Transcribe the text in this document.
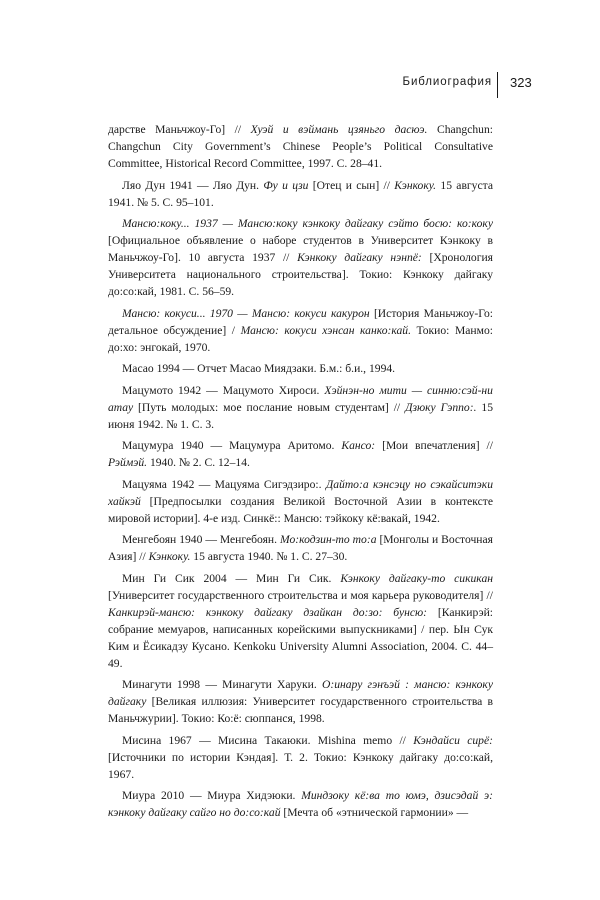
Библиография 323

дарстве Маньчжоу-Го] // Хуэй и вэймань цзяньго дасюэ. Changchun: Changchun City Government’s Chinese People’s Political Consultative Committee, Historical Record Committee, 1997. С. 28–41.

Ляо Дун 1941 — Ляо Дун. Фу и цзи [Отец и сын] // Кэнкоку. 15 августа 1941. № 5. С. 95–101.

Мансю:коку... 1937 — Мансю:коку кэнкоку дайгаку сэйто босю: ко:коку [Официальное объявление о наборе студентов в Университет Кэнкоку в Маньчжоу-Го]. 10 августа 1937 // Кэнкоку дайгаку нэнпё: [Хронология Университета национального строительства]. Токио: Кэнкоку дайгаку до:со:кай, 1981. С. 56–59.

Мансю: кокуси... 1970 — Мансю: кокуси какурон [История Маньчжоу-Го: детальное обсуждение] / Мансю: кокуси хэнсан канко:кай. Токио: Манмо: до:хо: энгокай, 1970.

Масао 1994 — Отчет Масао Миядзаки. Б.м.: б.и., 1994.

Мацумото 1942 — Мацумото Хироси. Хэйнэн-но мити — синню:сэй-ни атау [Путь молодых: мое послание новым студентам] // Дзюку Гэппо:. 15 июня 1942. № 1. С. 3.

Мацумура 1940 — Мацумура Аритомо. Кансо: [Мои впечатления] // Рэймэй. 1940. № 2. С. 12–14.

Мацуяма 1942 — Мацуяма Сигэдзиро:. Дайто:а кэнсэцу но сэкайситэки хайкэй [Предпосылки создания Великой Восточной Азии в контексте мировой истории]. 4-е изд. Синкё:: Мансю: тэйкоку кё:вакай, 1942.

Менгебоян 1940 — Менгебоян. Мо:кодзин-то то:а [Монголы и Восточная Азия] // Кэнкоку. 15 августа 1940. № 1. С. 27–30.

Мин Ги Сик 2004 — Мин Ги Сик. Кэнкоку дайгаку-то сикикан [Университет государственного строительства и моя карьера руководителя] // Канкирэй-мансю: кэнкоку дайгаку дзайкан до:зо: бунсю: [Канкирэй: собрание мемуаров, написанных корейскими выпускниками] / пер. Ын Сук Ким и Ёсикадзу Кусано. Kenkoku University Alumni Association, 2004. С. 44–49.

Минагути 1998 — Минагути Харуки. О:инару гэнъэй : мансю: кэнкоку дайгаку [Великая иллюзия: Университет государственного строительства в Маньчжурии]. Токио: Ко:ё: сюппанся, 1998.

Мисина 1967 — Мисина Такаюки. Mishina memo // Кэндайси сирё: [Источники по истории Кэндая]. Т. 2. Токио: Кэнкоку дайгаку до:со:кай, 1967.

Миура 2010 — Миура Хидэюки. Миндзоку кё:ва то юмэ, дзисэдай э: кэнкоку дайгаку сайго но до:со:кай [Мечта об «этнической гармонии» —
